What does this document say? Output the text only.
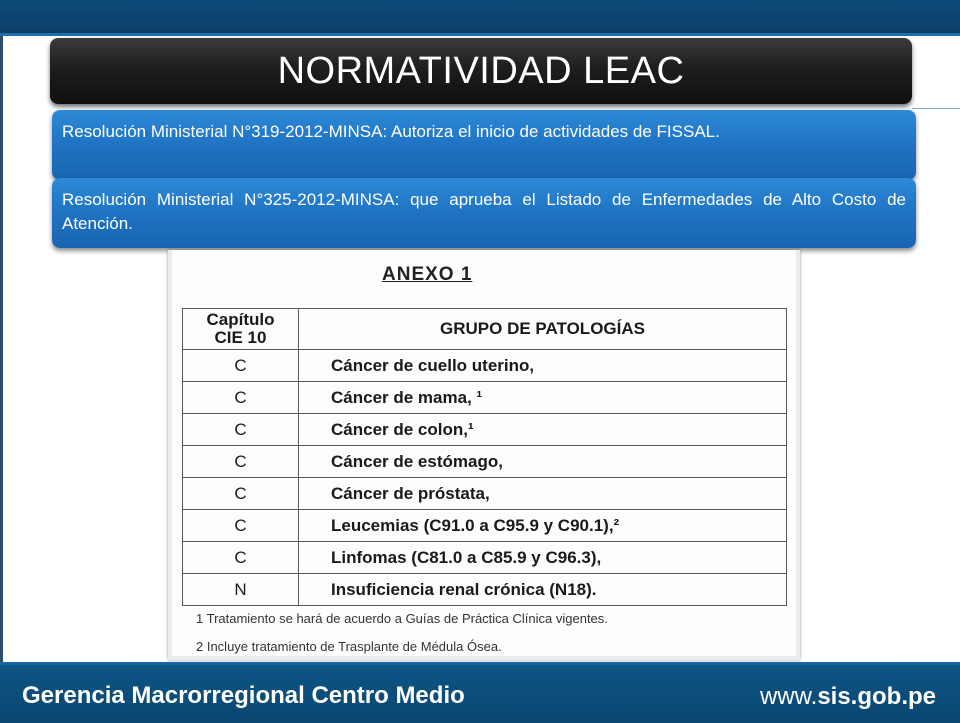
NORMATIVIDAD LEAC

Resolución Ministerial N°319-2012-MINSA: Autoriza el inicio de actividades de FISSAL.

Resolución Ministerial N°325-2012-MINSA: que aprueba el Listado de Enfermedades de Alto Costo de Atención.

ANEXO 1
Capítulo
CIE 10	GRUPO DE PATOLOGÍAS
C	Cáncer de cuello uterino,
C	Cáncer de mama, ¹
C	Cáncer de colon,¹
C	Cáncer de estómago,
C	Cáncer de próstata,
C	Leucemias (C91.0 a C95.9 y C90.1),²
C	Linfomas (C81.0 a C85.9 y C96.3),
N	Insuficiencia renal crónica (N18).
1 Tratamiento se hará de acuerdo a Guías de Práctica Clínica vigentes.
2 Incluye tratamiento de Trasplante de Médula Ósea.
Gerencia Macrorregional Centro Medio	www.sis.gob.pe
